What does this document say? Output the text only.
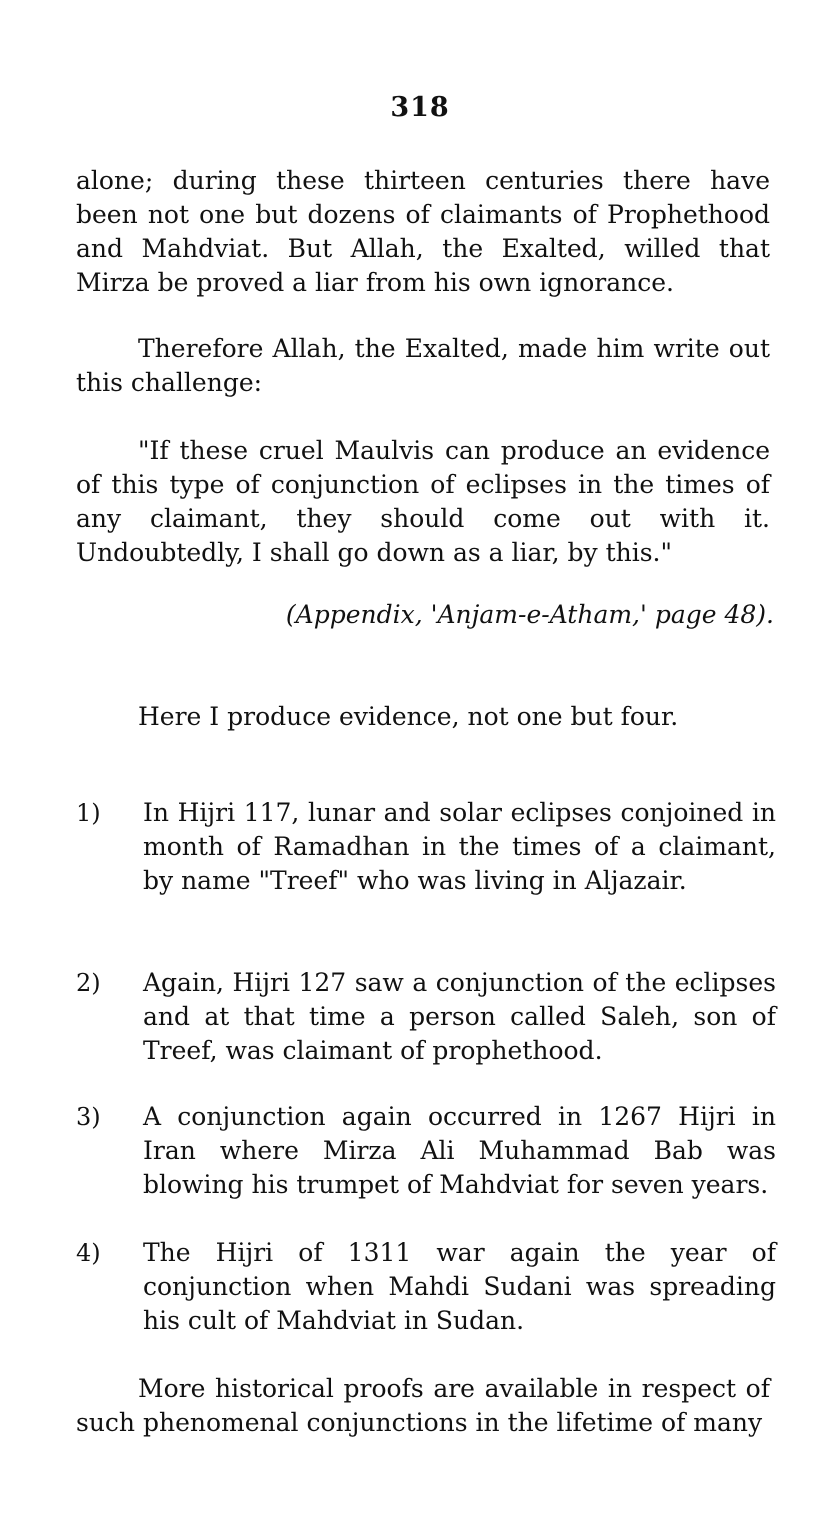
318

alone; during these thirteen centuries there have been not one but dozens of claimants of Prophethood and Mahdviat. But Allah, the Exalted, willed that Mirza be proved a liar from his own ignorance.

Therefore Allah, the Exalted, made him write out this challenge:

"If these cruel Maulvis can produce an evidence of this type of conjunction of eclipses in the times of any claimant, they should come out with it. Undoubtedly, I shall go down as a liar, by this."

(Appendix, 'Anjam-e-Atham,' page 48).

Here I produce evidence, not one but four.

1) In Hijri 117, lunar and solar eclipses conjoined in month of Ramadhan in the times of a claimant, by name "Treef" who was living in Aljazair.

2) Again, Hijri 127 saw a conjunction of the eclipses and at that time a person called Saleh, son of Treef, was claimant of prophethood.

3) A conjunction again occurred in 1267 Hijri in Iran where Mirza Ali Muhammad Bab was blowing his trumpet of Mahdviat for seven years.

4) The Hijri of 1311 war again the year of conjunction when Mahdi Sudani was spreading his cult of Mahdviat in Sudan.

More historical proofs are available in respect of such phenomenal conjunctions in the lifetime of many
